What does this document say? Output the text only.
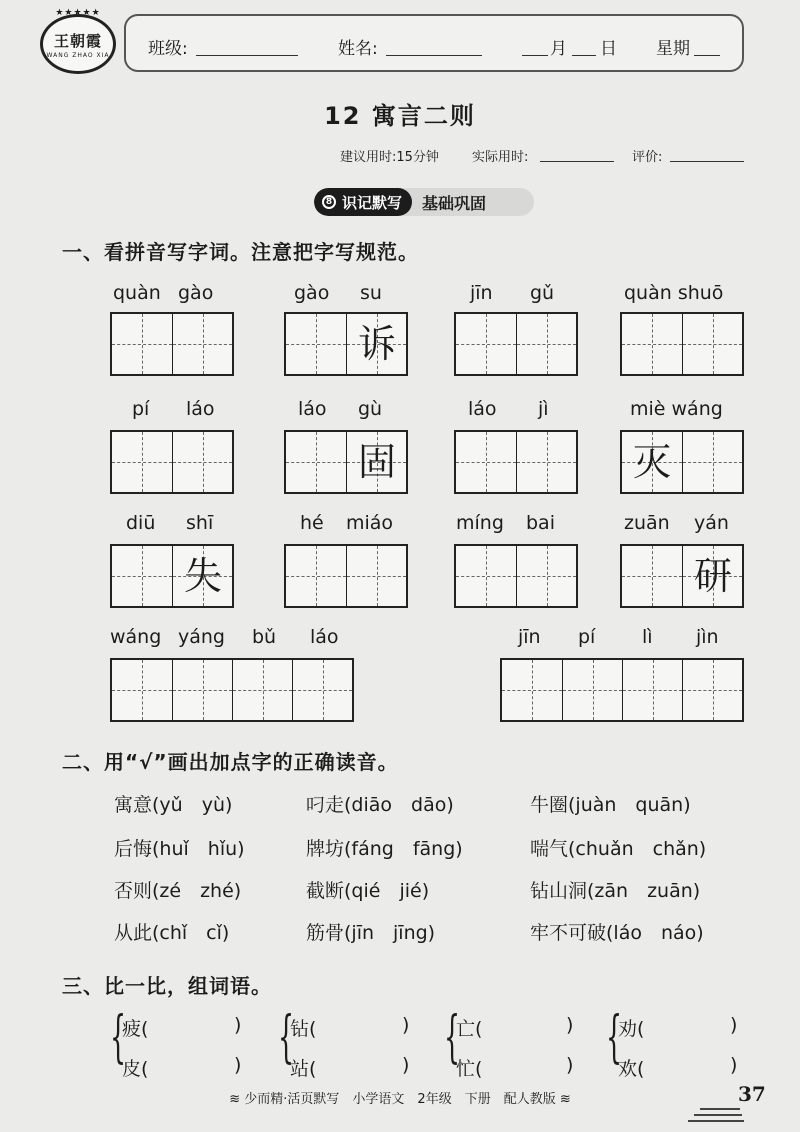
★★★★★
王朝霞
WANG ZHAO XIA 班级:	姓名:	月 日 星期
12 寓言二则
建议用时:15分钟	实际用时:	评价:
8 识记默写	基础巩固
一、看拼音写字词。注意把字写规范。
quàn gào	gào su
诉
jīn gǔ	quàn shuō
pí láo	láo gù
固
láo jì	miè wáng
灭
diū shī
失
hé miáo	míng bai	zuān yán
研
wáng yáng bǔ láo	jīn pí lì jìn
二、用“√”画出加点字的正确读音。
寓意(yǔ　yù)	叼走(diāo　dāo)	牛圈(juàn　quān)
后悔(huǐ　hǐu)	牌坊(fáng　fāng)	喘气(chuǎn　chǎn)
否则(zé　zhé)	截断(qié　jié)	钻山洞(zān　zuān)
从此(chǐ　cǐ)	筋骨(jīn　jīng)	牢不可破(láo　náo)
三、比一比，组词语。
{
疲(	)
皮(	) {
钻(	)
站(	) {
亡(	)
忙(	) {
劝(	)
欢(	)
≋ 少而精·活页默写　小学语文　2年级　下册　配人教版 ≋	37
